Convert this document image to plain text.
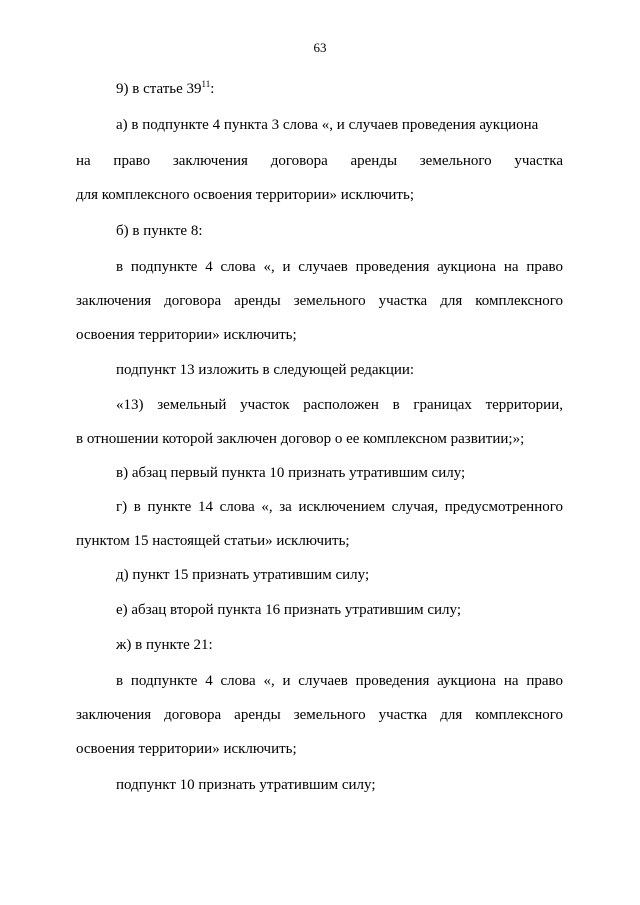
63
9) в статье $39^{11}$:
а) в подпункте 4 пункта 3 слова «, и случаев проведения аукциона
на право заключения договора аренды земельного участка
для комплексного освоения территории» исключить;
б) в пункте 8:
в подпункте 4 слова «, и случаев проведения аукциона на право
заключения договора аренды земельного участка для комплексного
освоения территории» исключить;
подпункт 13 изложить в следующей редакции:
«13) земельный участок расположен в границах территории,
в отношении которой заключен договор о ее комплексном развитии;»;
в) абзац первый пункта 10 признать утратившим силу;
г) в пункте 14 слова «, за исключением случая, предусмотренного
пунктом 15 настоящей статьи» исключить;
д) пункт 15 признать утратившим силу;
е) абзац второй пункта 16 признать утратившим силу;
ж) в пункте 21:
в подпункте 4 слова «, и случаев проведения аукциона на право
заключения договора аренды земельного участка для комплексного
освоения территории» исключить;
подпункт 10 признать утратившим силу;
